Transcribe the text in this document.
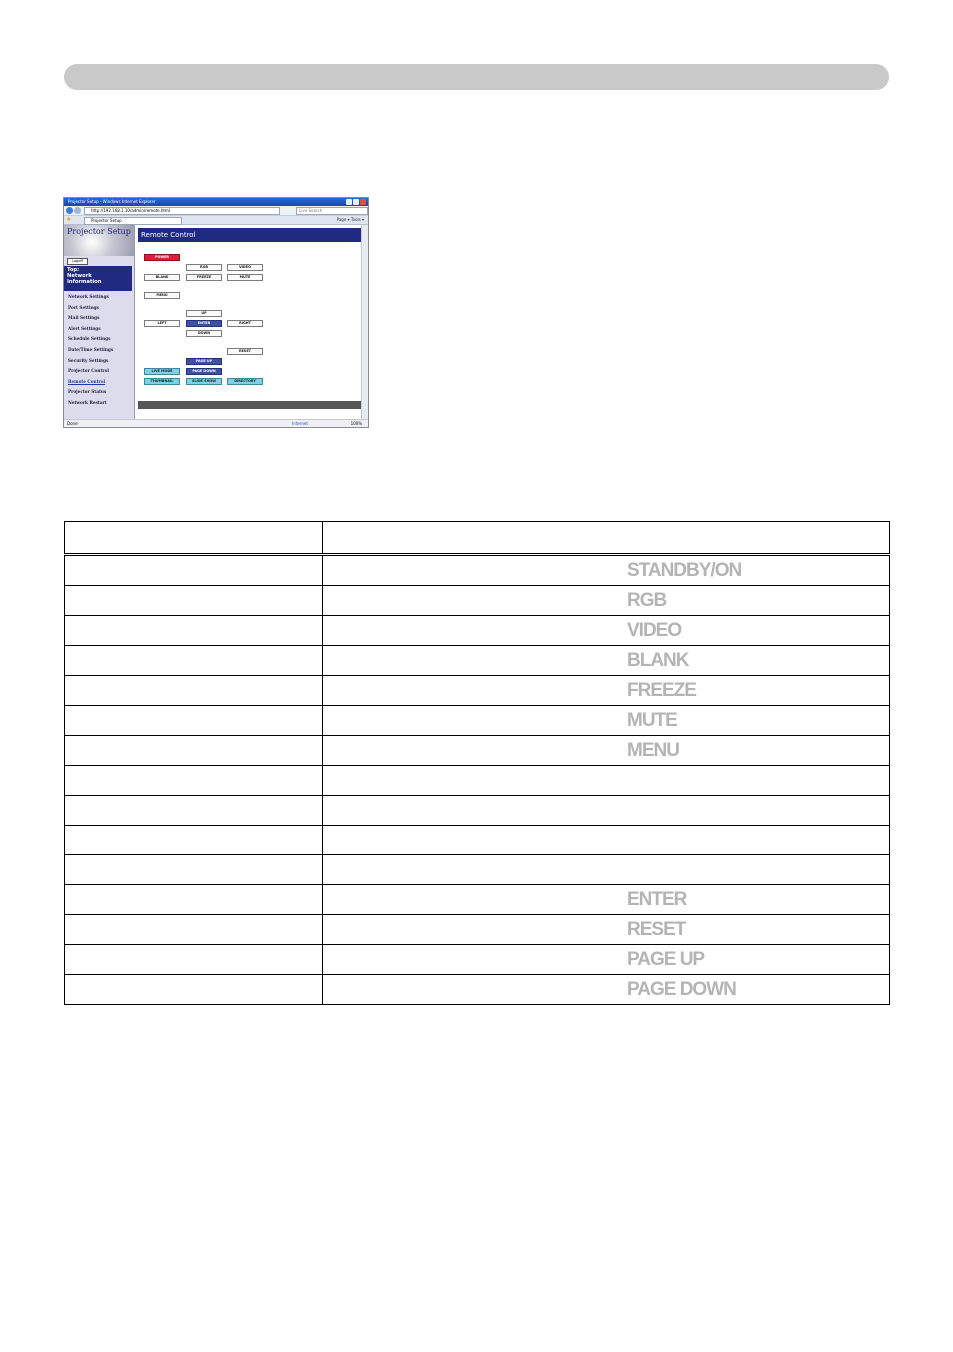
Projector Setup - Windows Internet Explorer
http://192.168.1.10/admin/remote.html	Live Search
★	Projector Setup	Page ▾ Tools ▾
Projector Setup
Logoff
Top:
Network
Information
Network Settings
Port Settings
Mail Settings
Alert Settings
Schedule Settings
Date/Time Settings
Security Settings
Projector Control
Remote Control
Projector Status
Network Restart
Remote Control
POWER
RGB	VIDEO
BLANK	FREEZE	MUTE
MENU
UP
LEFT	ENTER	RIGHT
DOWN
RESET
PAGE UP
LIVE MODE	PAGE DOWN
THUMBNAIL	SLIDE SHOW	DIRECTORY
Done	Internet	100%

	STANDBY/ON

	RGB

	VIDEO

	BLANK

	FREEZE

	MUTE

	MENU

	ENTER

	RESET

	PAGE UP

	PAGE DOWN
